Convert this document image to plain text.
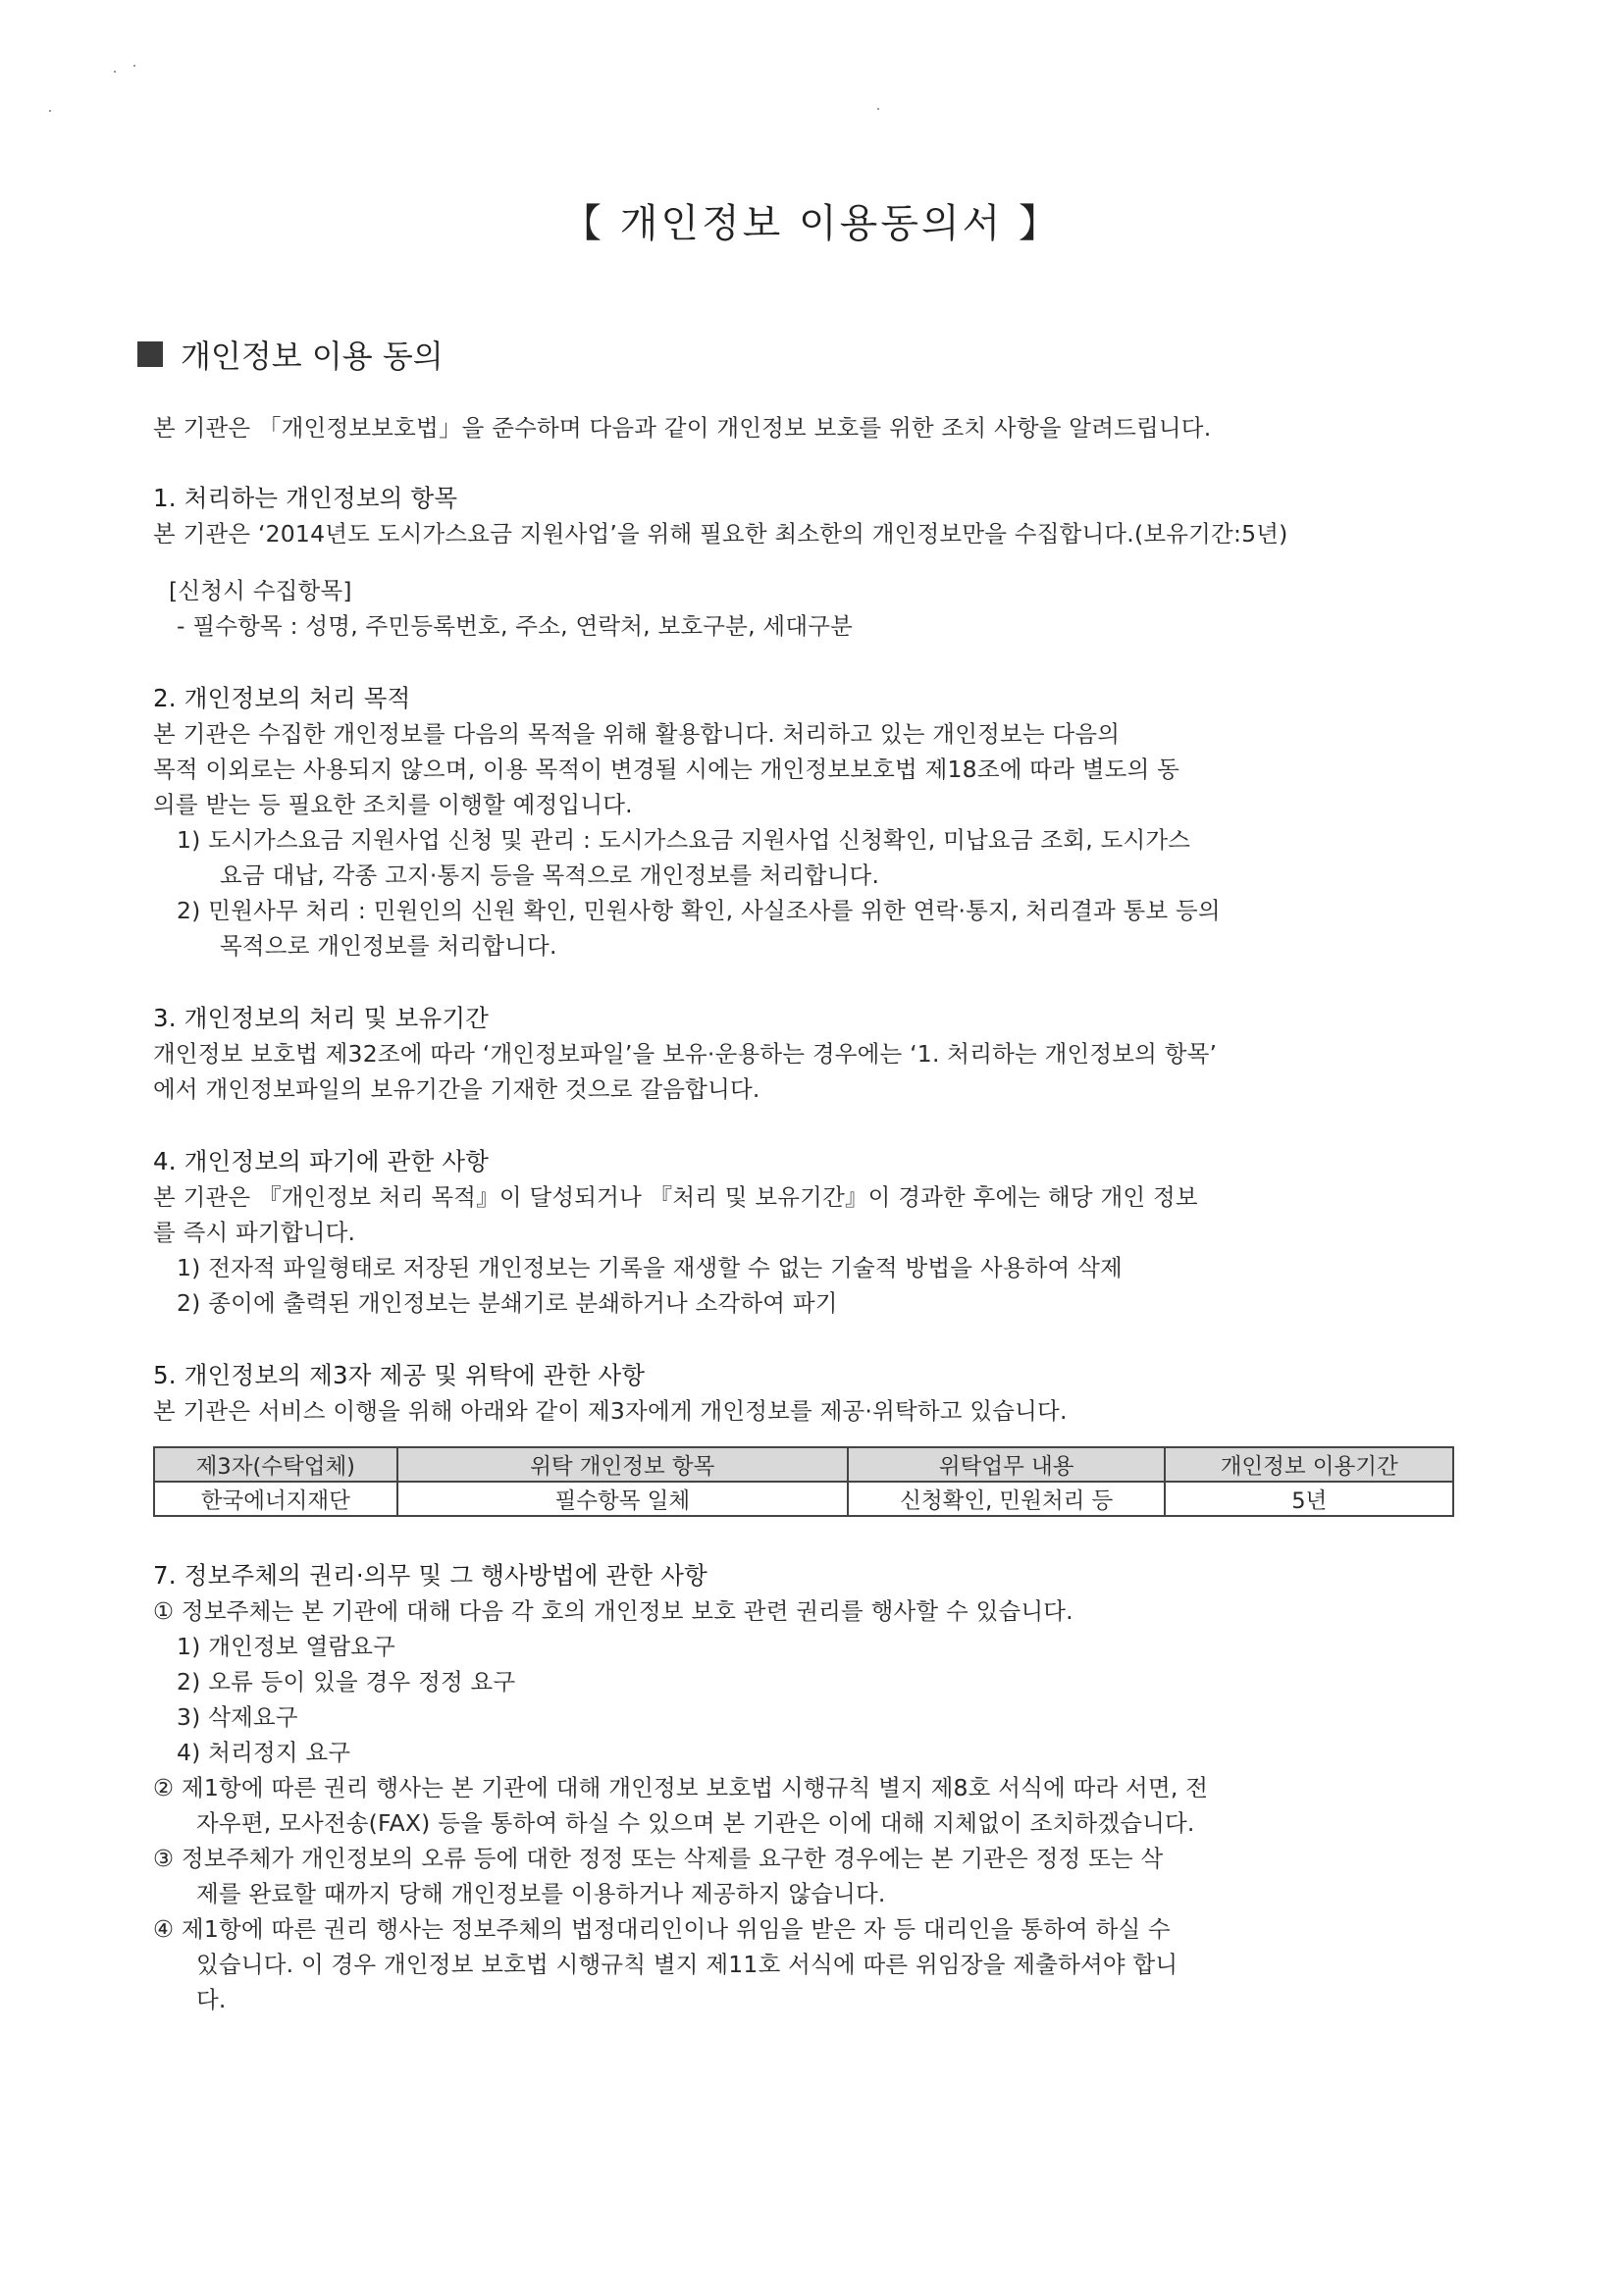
【 개인정보 이용동의서 】
개인정보 이용 동의
본 기관은 「개인정보보호법」을 준수하며 다음과 같이 개인정보 보호를 위한 조치 사항을 알려드립니다.
1. 처리하는 개인정보의 항목
본 기관은 ‘2014년도 도시가스요금 지원사업’을 위해 필요한 최소한의 개인정보만을 수집합니다.(보유기간:5년)
[신청시 수집항목]
- 필수항목 : 성명, 주민등록번호, 주소, 연락처, 보호구분, 세대구분
2. 개인정보의 처리 목적
본 기관은 수집한 개인정보를 다음의 목적을 위해 활용합니다. 처리하고 있는 개인정보는 다음의
목적 이외로는 사용되지 않으며, 이용 목적이 변경될 시에는 개인정보보호법 제18조에 따라 별도의 동
의를 받는 등 필요한 조치를 이행할 예정입니다.
1) 도시가스요금 지원사업 신청 및 관리 : 도시가스요금 지원사업 신청확인, 미납요금 조회, 도시가스
요금 대납, 각종 고지·통지 등을 목적으로 개인정보를 처리합니다.
2) 민원사무 처리 : 민원인의 신원 확인, 민원사항 확인, 사실조사를 위한 연락·통지, 처리결과 통보 등의
목적으로 개인정보를 처리합니다.
3. 개인정보의 처리 및 보유기간
개인정보 보호법 제32조에 따라 ‘개인정보파일’을 보유·운용하는 경우에는 ‘1. 처리하는 개인정보의 항목’
에서 개인정보파일의 보유기간을 기재한 것으로 갈음합니다.
4. 개인정보의 파기에 관한 사항
본 기관은 『개인정보 처리 목적』이 달성되거나 『처리 및 보유기간』이 경과한 후에는 해당 개인 정보
를 즉시 파기합니다.
1) 전자적 파일형태로 저장된 개인정보는 기록을 재생할 수 없는 기술적 방법을 사용하여 삭제
2) 종이에 출력된 개인정보는 분쇄기로 분쇄하거나 소각하여 파기
5. 개인정보의 제3자 제공 및 위탁에 관한 사항
본 기관은 서비스 이행을 위해 아래와 같이 제3자에게 개인정보를 제공·위탁하고 있습니다.
제3자(수탁업체)	위탁 개인정보 항목	위탁업무 내용	개인정보 이용기간
한국에너지재단	필수항목 일체	신청확인, 민원처리 등	5년
7. 정보주체의 권리·의무 및 그 행사방법에 관한 사항
① 정보주체는 본 기관에 대해 다음 각 호의 개인정보 보호 관련 권리를 행사할 수 있습니다.
1) 개인정보 열람요구
2) 오류 등이 있을 경우 정정 요구
3) 삭제요구
4) 처리정지 요구
② 제1항에 따른 권리 행사는 본 기관에 대해 개인정보 보호법 시행규칙 별지 제8호 서식에 따라 서면, 전
자우편, 모사전송(FAX) 등을 통하여 하실 수 있으며 본 기관은 이에 대해 지체없이 조치하겠습니다.
③ 정보주체가 개인정보의 오류 등에 대한 정정 또는 삭제를 요구한 경우에는 본 기관은 정정 또는 삭
제를 완료할 때까지 당해 개인정보를 이용하거나 제공하지 않습니다.
④ 제1항에 따른 권리 행사는 정보주체의 법정대리인이나 위임을 받은 자 등 대리인을 통하여 하실 수
있습니다. 이 경우 개인정보 보호법 시행규칙 별지 제11호 서식에 따른 위임장을 제출하셔야 합니
다.
